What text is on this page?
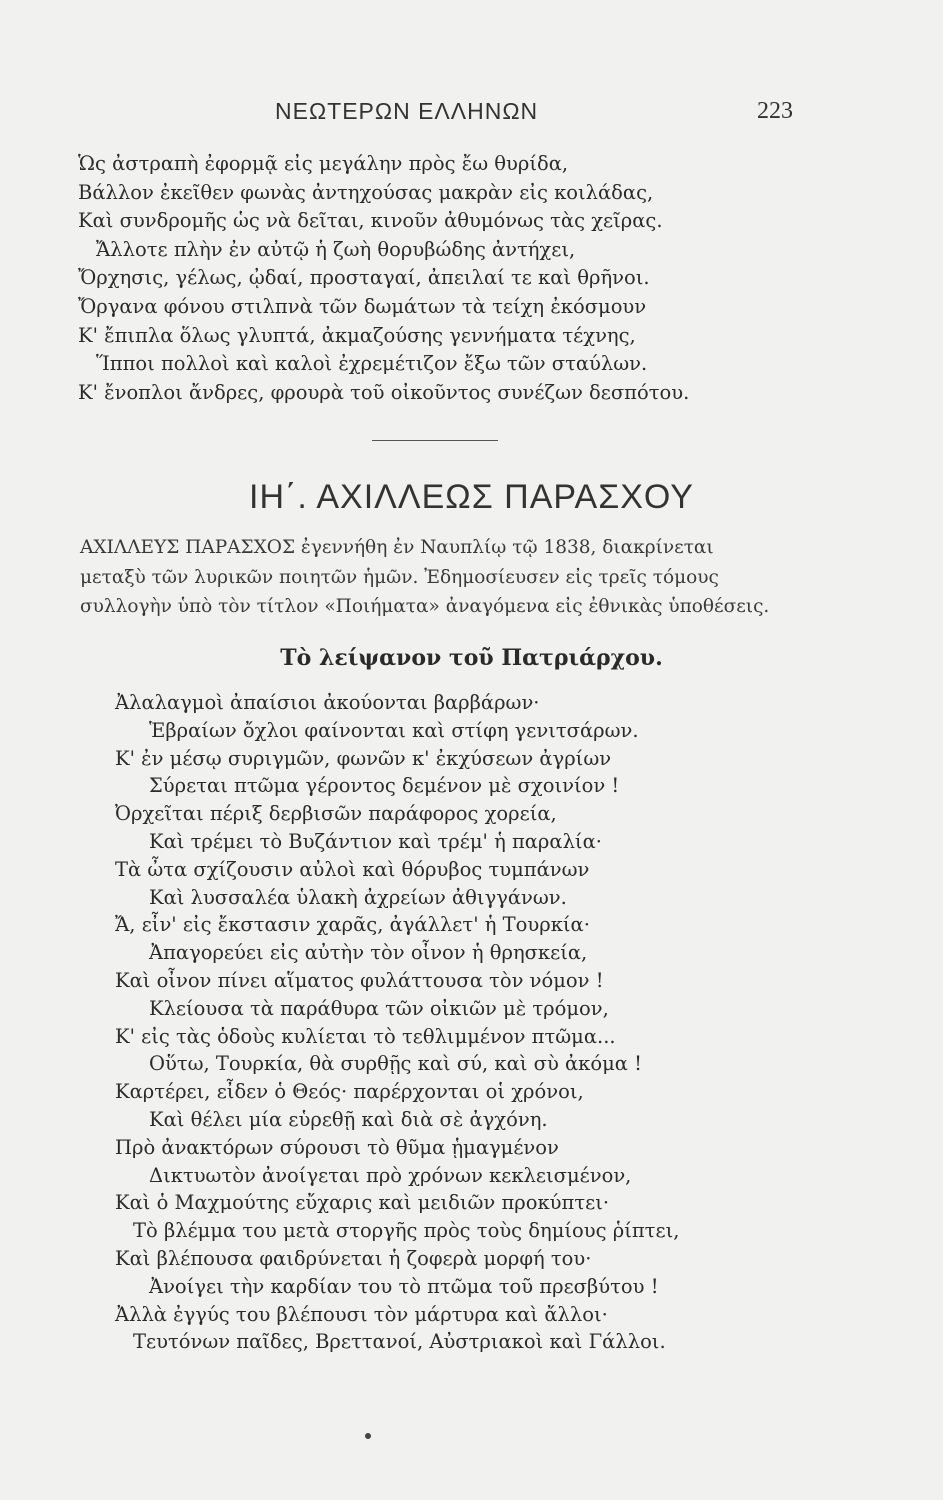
ΝΕΩΤΕΡΩΝ ΕΛΛΗΝΩΝ	223
Ὡς ἀστραπὴ ἐφορμᾷ εἰς μεγάλην πρὸς ἔω θυρίδα,
Βάλλον ἐκεῖθεν φωνὰς ἀντηχούσας μακρὰν εἰς κοιλάδας,
Καὶ συνδρομῆς ὡς νὰ δεῖται, κινοῦν ἀθυμόνως τὰς χεῖρας.
Ἄλλοτε πλὴν ἐν αὐτῷ ἡ ζωὴ θορυβώδης ἀντήχει,
Ὄρχησις, γέλως, ᾠδαί, προσταγαί, ἀπειλαί τε καὶ θρῆνοι.
Ὄργανα φόνου στιλπνὰ τῶν δωμάτων τὰ τείχη ἐκόσμουν
Κ' ἔπιπλα ὅλως γλυπτά, ἀκμαζούσης γεννήματα τέχνης,
Ἵπποι πολλοὶ καὶ καλοὶ ἐχρεμέτιζον ἔξω τῶν σταύλων.
Κ' ἔνοπλοι ἄνδρες, φρουρὰ τοῦ οἰκοῦντος συνέζων δεσπότου.
ΙΗ΄. ΑΧΙΛΛΕΩΣ ΠΑΡΑΣΧΟΥ
ΑΧΙΛΛΕΥΣ ΠΑΡΑΣΧΟΣ ἐγεννήθη ἐν Ναυπλίῳ τῷ 1838, διακρίνεται
μεταξὺ τῶν λυρικῶν ποιητῶν ἡμῶν. Ἐδημοσίευσεν εἰς τρεῖς τόμους
συλλογὴν ὑπὸ τὸν τίτλον «Ποιήματα» ἀναγόμενα εἰς ἐθνικὰς ὑποθέσεις.
Τὸ λείψανον τοῦ Πατριάρχου.
Ἀλαλαγμοὶ ἀπαίσιοι ἀκούονται βαρβάρων·
Ἑβραίων ὄχλοι φαίνονται καὶ στίφη γενιτσάρων.
Κ' ἐν μέσῳ συριγμῶν, φωνῶν κ' ἐκχύσεων ἀγρίων
Σύρεται πτῶμα γέροντος δεμένον μὲ σχοινίον !
Ὀρχεῖται πέριξ δερβισῶν παράφορος χορεία,
Καὶ τρέμει τὸ Βυζάντιον καὶ τρέμ' ἡ παραλία·
Τὰ ὦτα σχίζουσιν αὐλοὶ καὶ θόρυβος τυμπάνων
Καὶ λυσσαλέα ὑλακὴ ἀχρείων ἀθιγγάνων.
Ἄ, εἶν' εἰς ἔκστασιν χαρᾶς, ἀγάλλετ' ἡ Τουρκία·
Ἀπαγορεύει εἰς αὐτὴν τὸν οἶνον ἡ θρησκεία,
Καὶ οἶνον πίνει αἵματος φυλάττουσα τὸν νόμον !
Κλείουσα τὰ παράθυρα τῶν οἰκιῶν μὲ τρόμον,
Κ' εἰς τὰς ὁδοὺς κυλίεται τὸ τεθλιμμένον πτῶμα...
Οὕτω, Τουρκία, θὰ συρθῇς καὶ σύ, καὶ σὺ ἀκόμα !
Καρτέρει, εἶδεν ὁ Θεός· παρέρχονται οἱ χρόνοι,
Καὶ θέλει μία εὑρεθῇ καὶ διὰ σὲ ἀγχόνη.
Πρὸ ἀνακτόρων σύρουσι τὸ θῦμα ᾑμαγμένον
Δικτυωτὸν ἀνοίγεται πρὸ χρόνων κεκλεισμένον,
Καὶ ὁ Μαχμούτης εὔχαρις καὶ μειδιῶν προκύπτει·
Τὸ βλέμμα του μετὰ στοργῆς πρὸς τοὺς δημίους ῥίπτει,
Καὶ βλέπουσα φαιδρύνεται ἡ ζοφερὰ μορφή του·
Ἀνοίγει τὴν καρδίαν του τὸ πτῶμα τοῦ πρεσβύτου !
Ἀλλὰ ἐγγύς του βλέπουσι τὸν μάρτυρα καὶ ἄλλοι·
Τευτόνων παῖδες, Βρεττανοί, Αὐστριακοὶ καὶ Γάλλοι.
